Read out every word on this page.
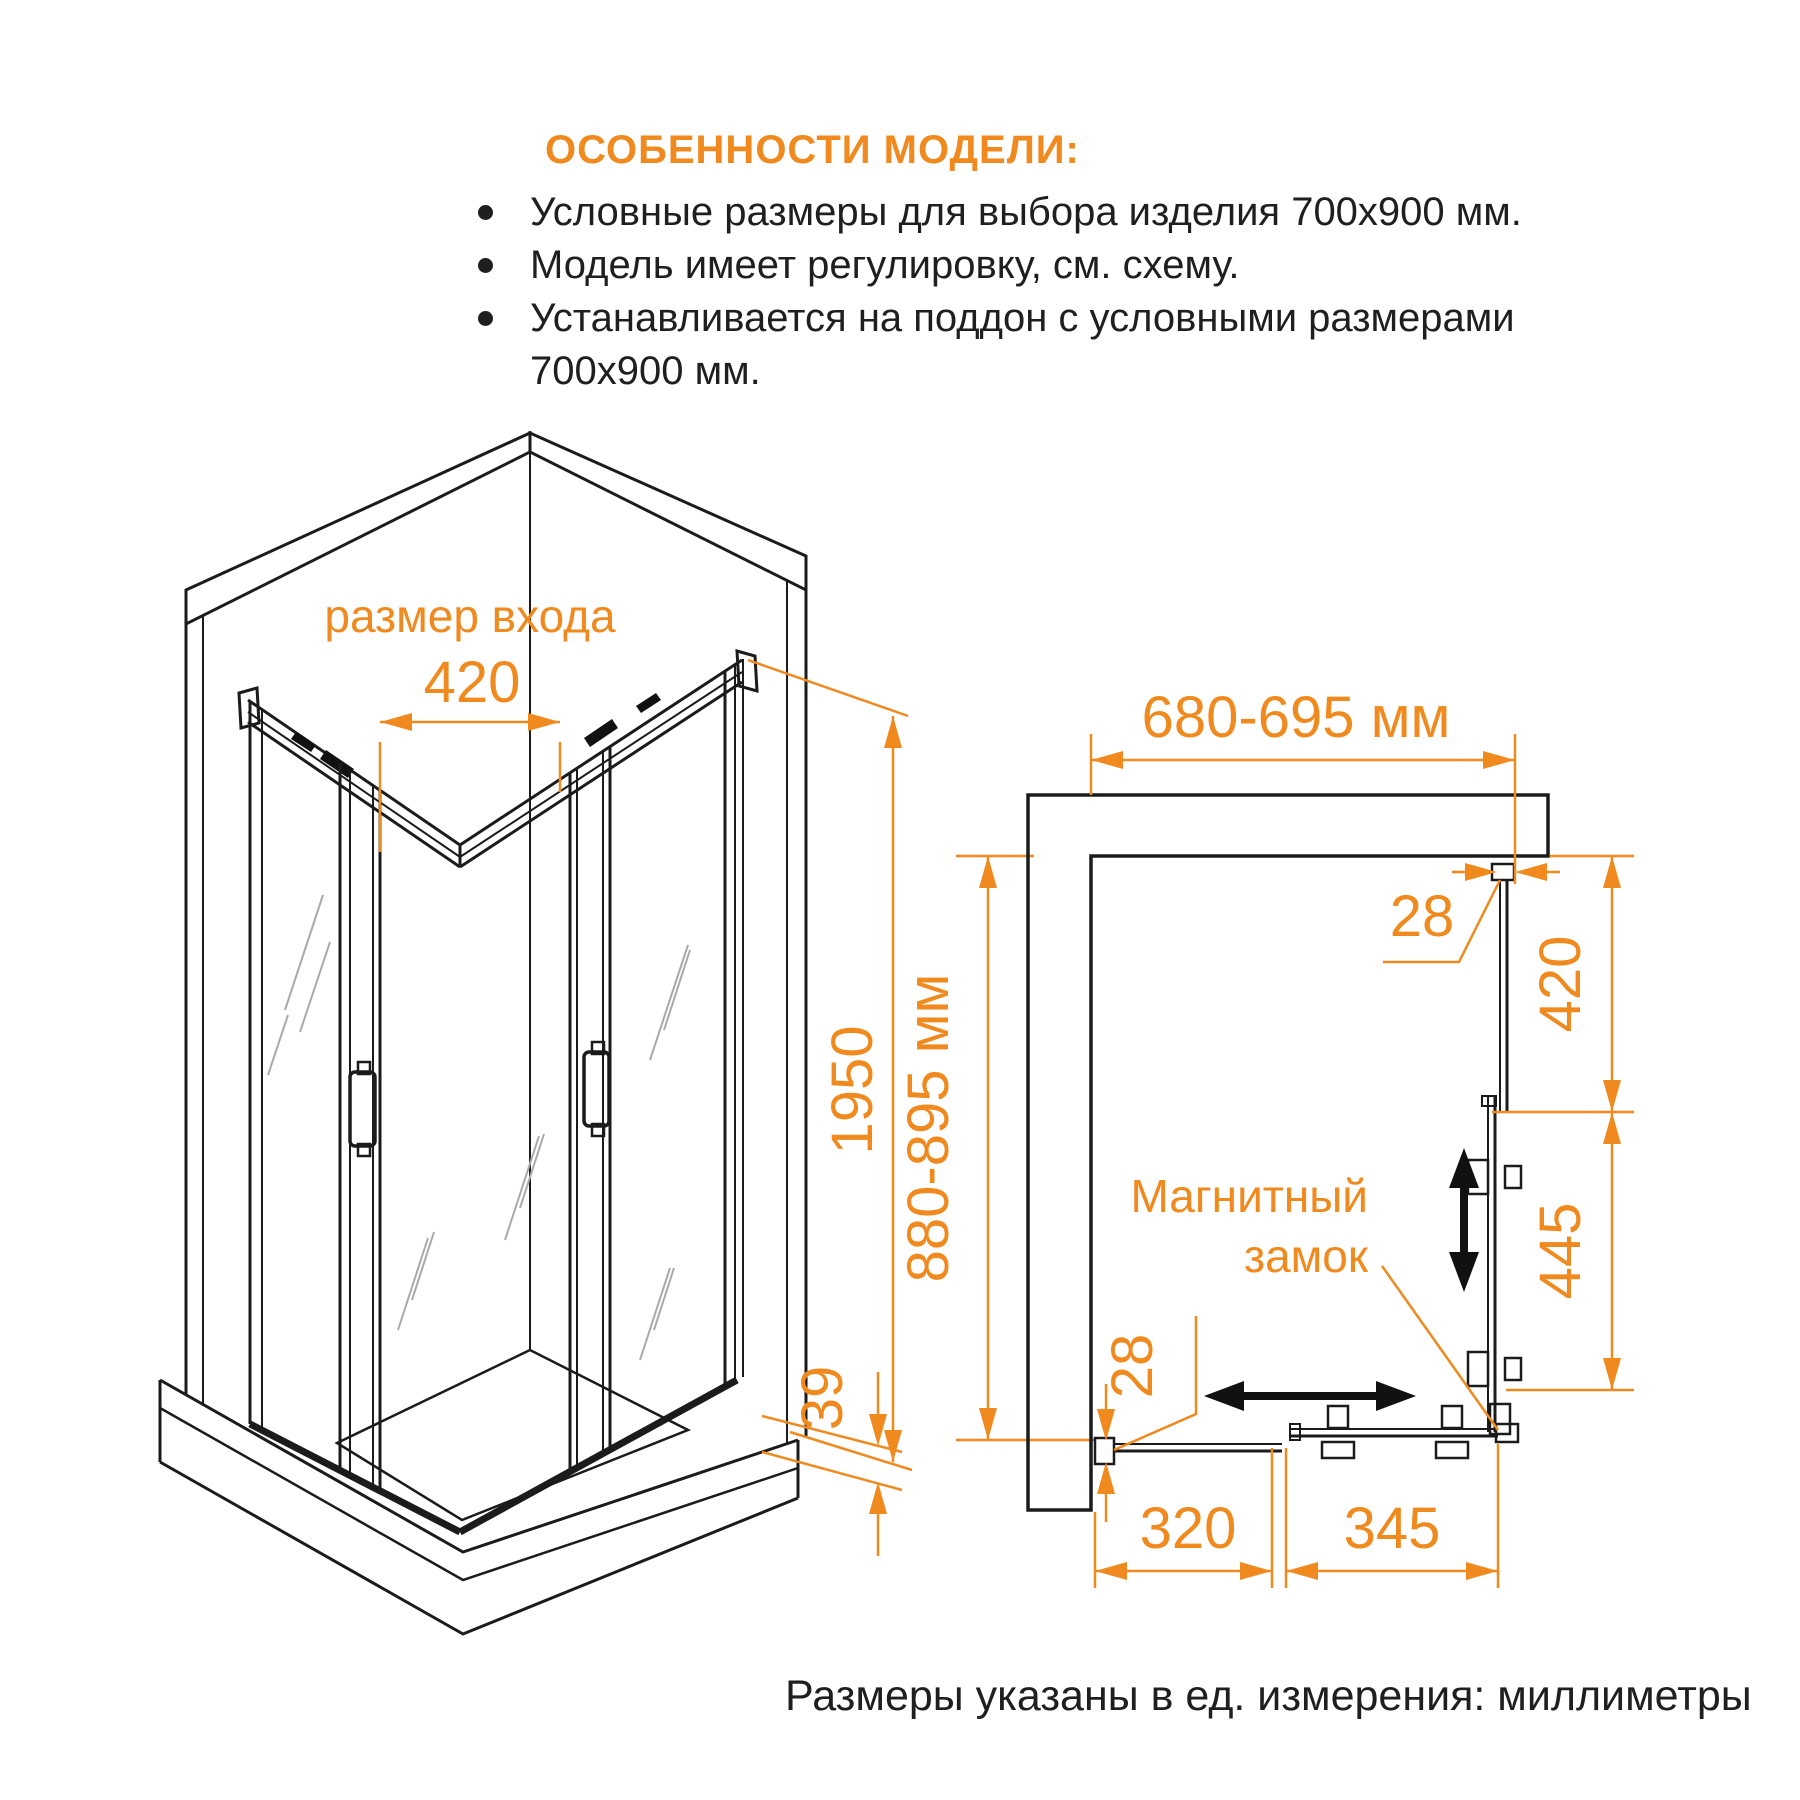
ОСОБЕННОСТИ МОДЕЛИ:
Условные размеры для выбора изделия 700x900 мм.
Модель имеет регулировку, см. схему.
Устанавливается на поддон с условными размерами 700x900 мм.
размер входа
420
1950
39
880-895 мм
680-695 мм
28
420
445
28
320 345
Магнитный
замок
Размеры указаны в ед. измерения: миллиметры
